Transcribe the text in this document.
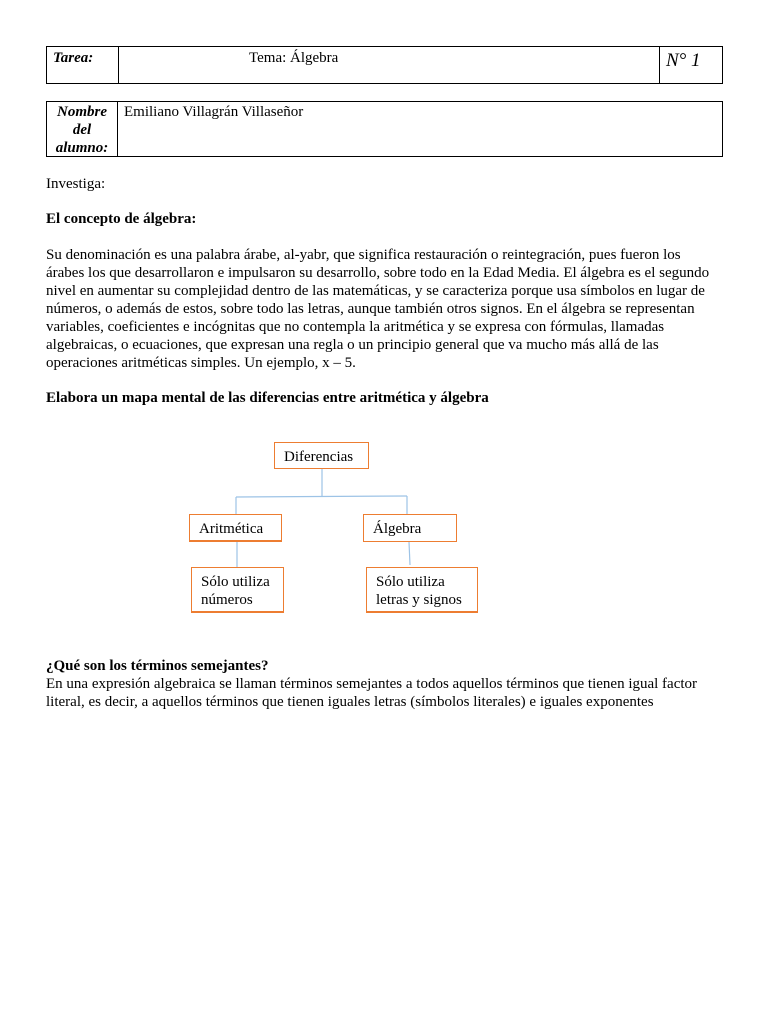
Tarea:	Tema: Álgebra	N° 1
Nombre
del
alumno:
Emiliano Villagrán Villaseñor
Investiga:
El concepto de álgebra:
Su denominación es una palabra árabe, al-yabr, que significa restauración o reintegración, pues fueron los árabes los que desarrollaron e impulsaron su desarrollo, sobre todo en la Edad Media. El álgebra es el segundo nivel en aumentar su complejidad dentro de las matemáticas, y se caracteriza porque usa símbolos en lugar de números, o además de estos, sobre todo las letras, aunque también otros signos. En el álgebra se representan variables, coeficientes e incógnitas que no contempla la aritmética y se expresa con fórmulas, llamadas algebraicas, o ecuaciones, que expresan una regla o un principio general que va mucho más allá de las operaciones aritméticas simples. Un ejemplo, x – 5.
Elabora un mapa mental de las diferencias entre aritmética y álgebra
Diferencias
Aritmética	Álgebra
Sólo utiliza
números
Sólo utiliza
letras y signos
¿Qué son los términos semejantes?
En una expresión algebraica se llaman términos semejantes a todos aquellos términos que tienen igual factor literal, es decir, a aquellos términos que tienen iguales letras (símbolos literales) e iguales exponentes
